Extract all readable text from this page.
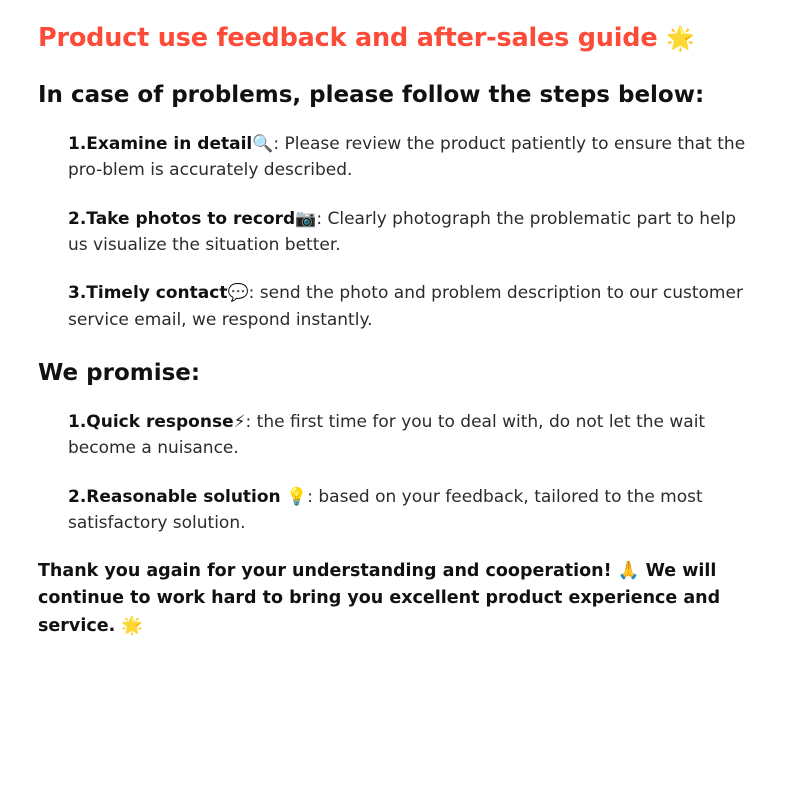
Product use feedback and after-sales guide 🌟
In case of problems, please follow the steps below:

1.Examine in detail🔍: Please review the product patiently to ensure that the pro-blem is accurately described.

2.Take photos to record📷: Clearly photograph the problematic part to help us visualize the situation better.

3.Timely contact💬: send the photo and problem description to our customer service email, we respond instantly.

We promise:

1.Quick response⚡: the first time for you to deal with, do not let the wait become a nuisance.

2.Reasonable solution 💡: based on your feedback, tailored to the most satisfactory solution.

Thank you again for your understanding and cooperation! 🙏 We will continue to work hard to bring you excellent product experience and service. 🌟
